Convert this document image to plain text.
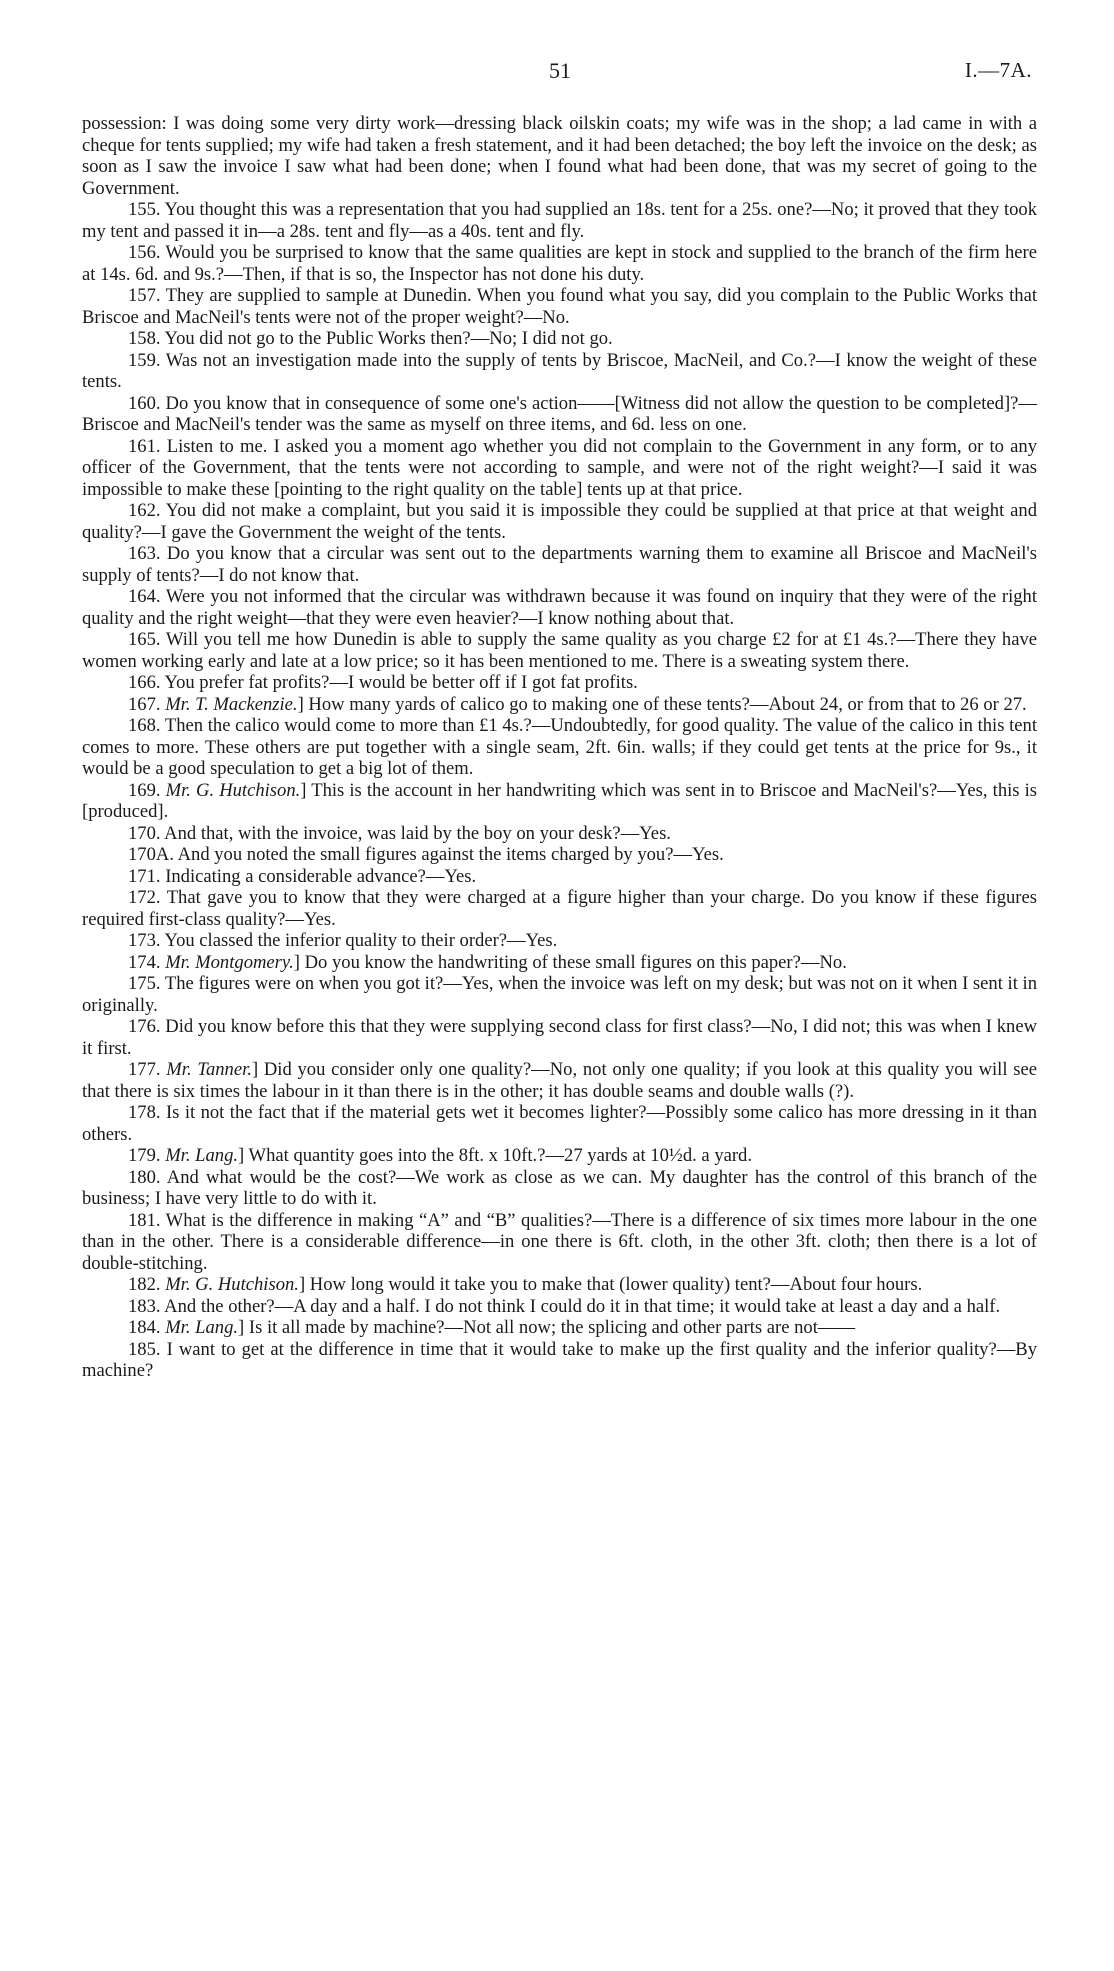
51	I.—7A.

possession: I was doing some very dirty work—dressing black oilskin coats; my wife was in the shop; a lad came in with a cheque for tents supplied; my wife had taken a fresh statement, and it had been detached; the boy left the invoice on the desk; as soon as I saw the invoice I saw what had been done; when I found what had been done, that was my secret of going to the Government.

155. You thought this was a representation that you had supplied an 18s. tent for a 25s. one?—No; it proved that they took my tent and passed it in—a 28s. tent and fly—as a 40s. tent and fly.

156. Would you be surprised to know that the same qualities are kept in stock and supplied to the branch of the firm here at 14s. 6d. and 9s.?—Then, if that is so, the Inspector has not done his duty.

157. They are supplied to sample at Dunedin. When you found what you say, did you complain to the Public Works that Briscoe and MacNeil's tents were not of the proper weight?—No.

158. You did not go to the Public Works then?—No; I did not go.

159. Was not an investigation made into the supply of tents by Briscoe, MacNeil, and Co.?—I know the weight of these tents.

160. Do you know that in consequence of some one's action——[Witness did not allow the question to be completed]?—Briscoe and MacNeil's tender was the same as myself on three items, and 6d. less on one.

161. Listen to me. I asked you a moment ago whether you did not complain to the Government in any form, or to any officer of the Government, that the tents were not according to sample, and were not of the right weight?—I said it was impossible to make these [pointing to the right quality on the table] tents up at that price.

162. You did not make a complaint, but you said it is impossible they could be supplied at that price at that weight and quality?—I gave the Government the weight of the tents.

163. Do you know that a circular was sent out to the departments warning them to examine all Briscoe and MacNeil's supply of tents?—I do not know that.

164. Were you not informed that the circular was withdrawn because it was found on inquiry that they were of the right quality and the right weight—that they were even heavier?—I know nothing about that.

165. Will you tell me how Dunedin is able to supply the same quality as you charge £2 for at £1 4s.?—There they have women working early and late at a low price; so it has been mentioned to me. There is a sweating system there.

166. You prefer fat profits?—I would be better off if I got fat profits.

167. Mr. T. Mackenzie.] How many yards of calico go to making one of these tents?—About 24, or from that to 26 or 27.

168. Then the calico would come to more than £1 4s.?—Undoubtedly, for good quality. The value of the calico in this tent comes to more. These others are put together with a single seam, 2ft. 6in. walls; if they could get tents at the price for 9s., it would be a good speculation to get a big lot of them.

169. Mr. G. Hutchison.] This is the account in her handwriting which was sent in to Briscoe and MacNeil's?—Yes, this is [produced].

170. And that, with the invoice, was laid by the boy on your desk?—Yes.

170A. And you noted the small figures against the items charged by you?—Yes.

171. Indicating a considerable advance?—Yes.

172. That gave you to know that they were charged at a figure higher than your charge. Do you know if these figures required first-class quality?—Yes.

173. You classed the inferior quality to their order?—Yes.

174. Mr. Montgomery.] Do you know the handwriting of these small figures on this paper?—No.

175. The figures were on when you got it?—Yes, when the invoice was left on my desk; but was not on it when I sent it in originally.

176. Did you know before this that they were supplying second class for first class?—No, I did not; this was when I knew it first.

177. Mr. Tanner.] Did you consider only one quality?—No, not only one quality; if you look at this quality you will see that there is six times the labour in it than there is in the other; it has double seams and double walls (?).

178. Is it not the fact that if the material gets wet it becomes lighter?—Possibly some calico has more dressing in it than others.

179. Mr. Lang.] What quantity goes into the 8ft. x 10ft.?—27 yards at 10½d. a yard.

180. And what would be the cost?—We work as close as we can. My daughter has the control of this branch of the business; I have very little to do with it.

181. What is the difference in making “A” and “B” qualities?—There is a difference of six times more labour in the one than in the other. There is a considerable difference—in one there is 6ft. cloth, in the other 3ft. cloth; then there is a lot of double-stitching.

182. Mr. G. Hutchison.] How long would it take you to make that (lower quality) tent?—About four hours.

183. And the other?—A day and a half. I do not think I could do it in that time; it would take at least a day and a half.

184. Mr. Lang.] Is it all made by machine?—Not all now; the splicing and other parts are not——

185. I want to get at the difference in time that it would take to make up the first quality and the inferior quality?—By machine?
